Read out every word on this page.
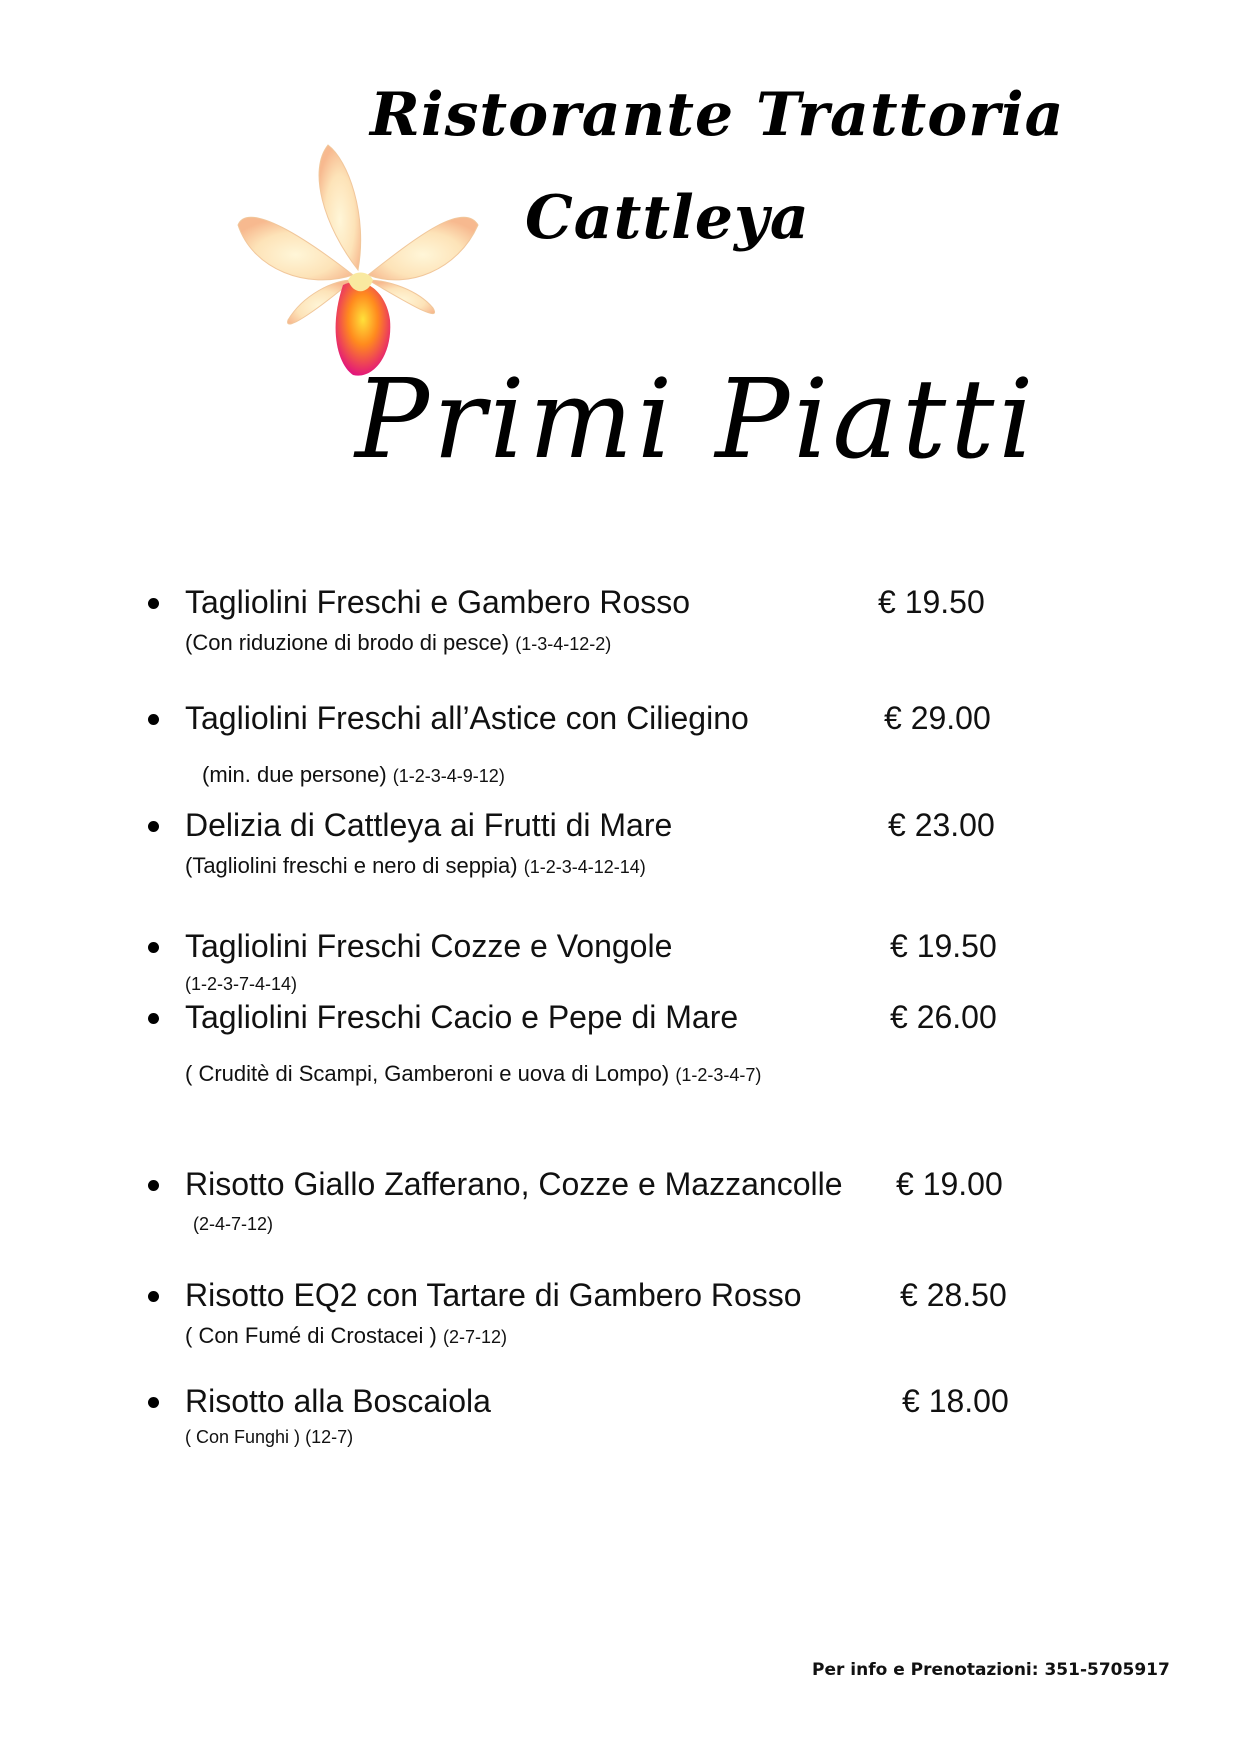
Ristorante Trattoria
Cattleya
Primi Piatti
Tagliolini Freschi e Gambero Rosso	€ 19.50
(Con riduzione di brodo di pesce) (1-3-4-12-2)
Tagliolini Freschi all’Astice con Ciliegino	€ 29.00
(min. due persone) (1-2-3-4-9-12)
Delizia di Cattleya ai Frutti di Mare	€ 23.00
(Tagliolini freschi e nero di seppia) (1-2-3-4-12-14)
Tagliolini Freschi Cozze e Vongole	€ 19.50
(1-2-3-7-4-14)
Tagliolini Freschi Cacio e Pepe di Mare	€ 26.00
( Cruditè di Scampi, Gamberoni e uova di Lompo) (1-2-3-4-7)
Risotto Giallo Zafferano, Cozze e Mazzancolle € 19.00
(2-4-7-12)
Risotto EQ2 con Tartare di Gambero Rosso	€ 28.50
( Con Fumé di Crostacei ) (2-7-12)
Risotto alla Boscaiola	€ 18.00
( Con Funghi ) (12-7)
Per info e Prenotazioni: 351-5705917
